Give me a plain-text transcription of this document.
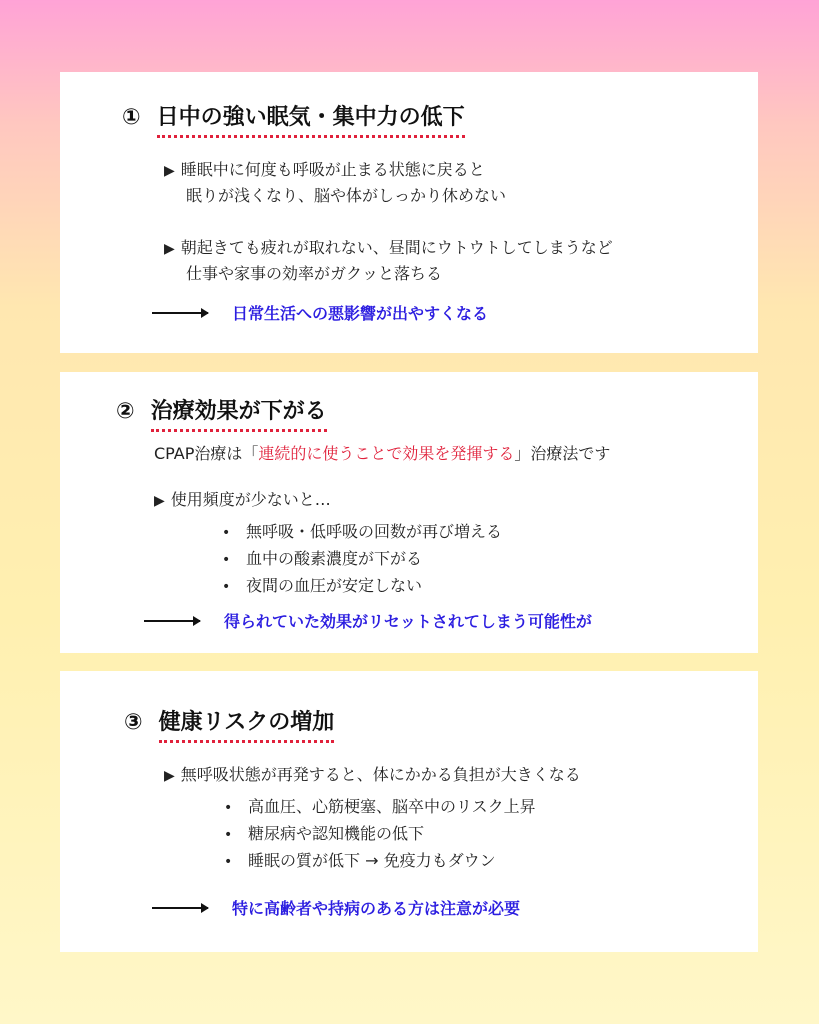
① 日中の強い眠気・集中力の低下
▶ 睡眠中に何度も呼吸が止まる状態に戻ると
眠りが浅くなり、脳や体がしっかり休めない
▶ 朝起きても疲れが取れない、昼間にウトウトしてしまうなど
仕事や家事の効率がガクッと落ちる
日常生活への悪影響が出やすくなる
② 治療効果が下がる
CPAP治療は「連続的に使うことで効果を発揮する」治療法です
▶ 使用頻度が少ないと…
• 無呼吸・低呼吸の回数が再び増える
• 血中の酸素濃度が下がる
• 夜間の血圧が安定しない
得られていた効果がリセットされてしまう可能性が
③ 健康リスクの増加
▶ 無呼吸状態が再発すると、体にかかる負担が大きくなる
• 高血圧、心筋梗塞、脳卒中のリスク上昇
• 糖尿病や認知機能の低下
• 睡眠の質が低下 → 免疫力もダウン
特に高齢者や持病のある方は注意が必要
